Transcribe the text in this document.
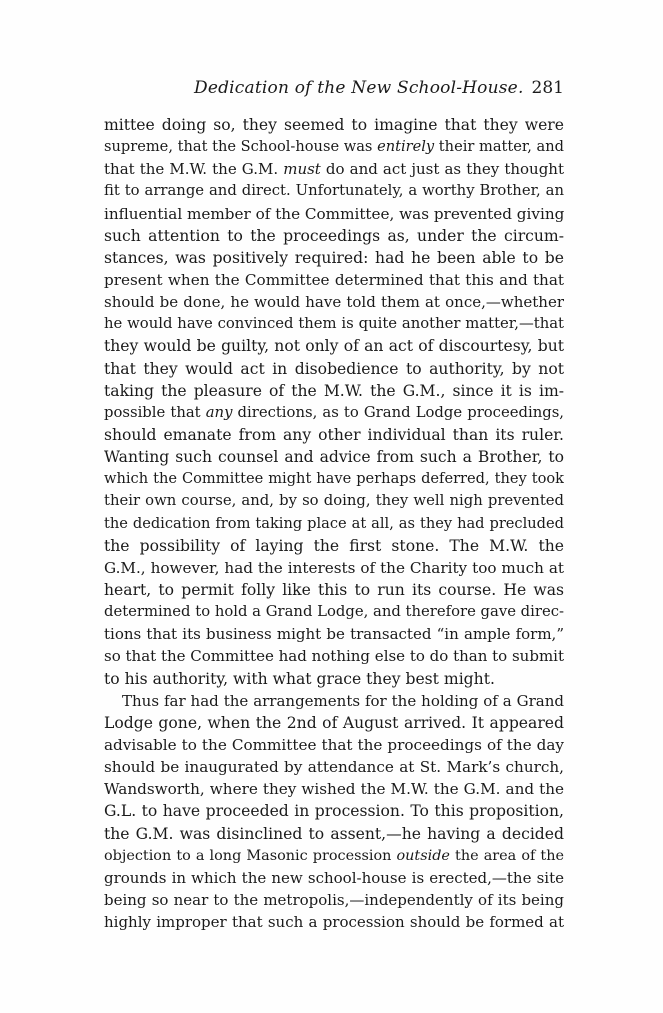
Dedication of the New School-House. 281
mittee doing so, they seemed to imagine that they were
supreme, that the School-house was entirely their matter, and
that the M.W. the G.M. must do and act just as they thought
fit to arrange and direct. Unfortunately, a worthy Brother, an
influential member of the Committee, was prevented giving
such attention to the proceedings as, under the circum-
stances, was positively required: had he been able to be
present when the Committee determined that this and that
should be done, he would have told them at once,—whether
he would have convinced them is quite another matter,—that
they would be guilty, not only of an act of discourtesy, but
that they would act in disobedience to authority, by not
taking the pleasure of the M.W. the G.M., since it is im-
possible that any directions, as to Grand Lodge proceedings,
should emanate from any other individual than its ruler.
Wanting such counsel and advice from such a Brother, to
which the Committee might have perhaps deferred, they took
their own course, and, by so doing, they well nigh prevented
the dedication from taking place at all, as they had precluded
the possibility of laying the first stone. The M.W. the
G.M., however, had the interests of the Charity too much at
heart, to permit folly like this to run its course. He was
determined to hold a Grand Lodge, and therefore gave direc-
tions that its business might be transacted “in ample form,”
so that the Committee had nothing else to do than to submit
to his authority, with what grace they best might.
Thus far had the arrangements for the holding of a Grand
Lodge gone, when the 2nd of August arrived. It appeared
advisable to the Committee that the proceedings of the day
should be inaugurated by attendance at St. Mark’s church,
Wandsworth, where they wished the M.W. the G.M. and the
G.L. to have proceeded in procession. To this proposition,
the G.M. was disinclined to assent,—he having a decided
objection to a long Masonic procession outside the area of the
grounds in which the new school-house is erected,—the site
being so near to the metropolis,—independently of its being
highly improper that such a procession should be formed at
